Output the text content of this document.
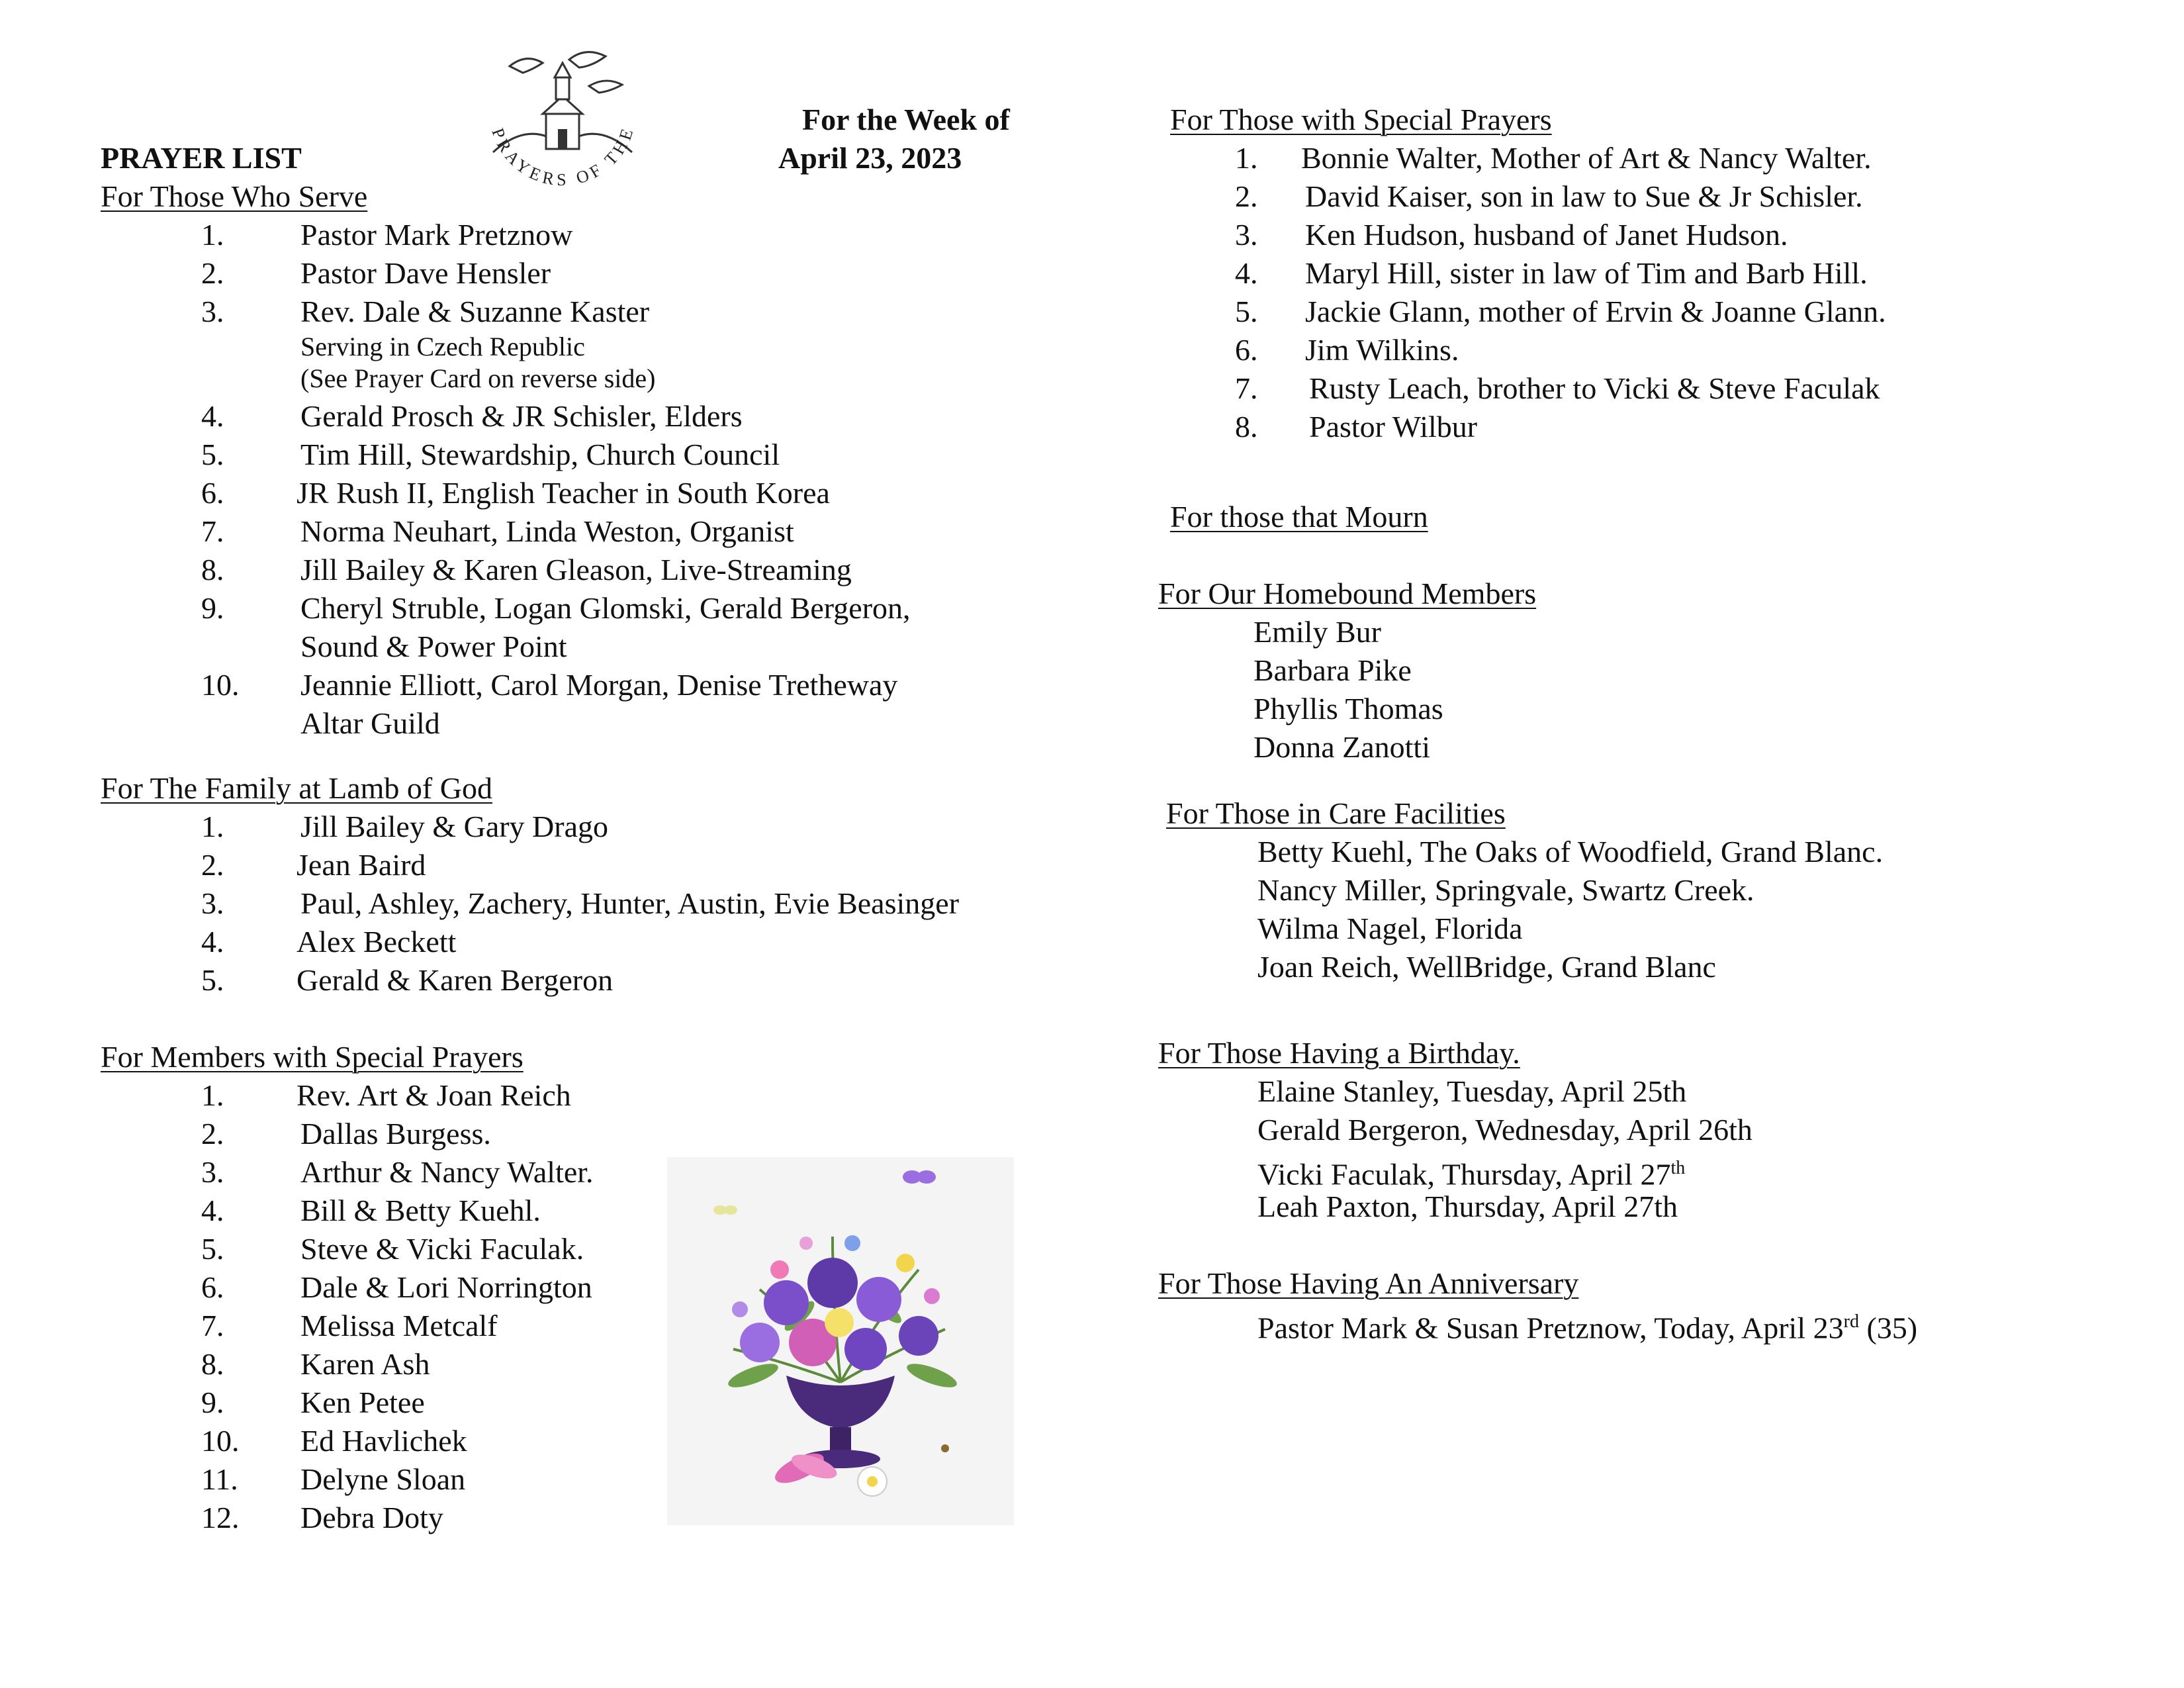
PRAYERS OF THE	For the Week of
PRAYER LIST	April 23, 2023
For Those Who Serve
1.	Pastor Mark Pretznow
2.	Pastor Dave Hensler
3.	Rev. Dale & Suzanne Kaster
Serving in Czech Republic
(See Prayer Card on reverse side)
4.	Gerald Prosch & JR Schisler, Elders
5.	Tim Hill, Stewardship, Church Council
6. JR Rush II, English Teacher in South Korea
7.	Norma Neuhart, Linda Weston, Organist
8.	Jill Bailey & Karen Gleason, Live-Streaming
9.	Cheryl Struble, Logan Glomski, Gerald Bergeron,
Sound & Power Point
10. Jeannie Elliott, Carol Morgan, Denise Tretheway
Altar Guild
For The Family at Lamb of God
1.	Jill Bailey & Gary Drago
2. Jean Baird
3.	Paul, Ashley, Zachery, Hunter, Austin, Evie Beasinger
4. Alex Beckett
5. Gerald & Karen Bergeron
For Members with Special Prayers
1. Rev. Art & Joan Reich
2.	Dallas Burgess.
3.	Arthur & Nancy Walter.
4.	Bill & Betty Kuehl.
5.	Steve & Vicki Faculak.
6.	Dale & Lori Norrington
7.	Melissa Metcalf
8.	Karen Ash
9.	Ken Petee
10. Ed Havlichek
11. Delyne Sloan
12. Debra Doty
For Those with Special Prayers
1. Bonnie Walter, Mother of Art & Nancy Walter.
2. David Kaiser, son in law to Sue & Jr Schisler.
3. Ken Hudson, husband of Janet Hudson.
4. Maryl Hill, sister in law of Tim and Barb Hill.
5. Jackie Glann, mother of Ervin & Joanne Glann.
6. Jim Wilkins.
7. Rusty Leach, brother to Vicki & Steve Faculak
8. Pastor Wilbur
For those that Mourn
For Our Homebound Members
Emily Bur
Barbara Pike
Phyllis Thomas
Donna Zanotti
For Those in Care Facilities
Betty Kuehl, The Oaks of Woodfield, Grand Blanc.
Nancy Miller, Springvale, Swartz Creek.
Wilma Nagel, Florida
Joan Reich, WellBridge, Grand Blanc
For Those Having a Birthday.
Elaine Stanley, Tuesday, April 25th
Gerald Bergeron, Wednesday, April 26th
Vicki Faculak, Thursday, April 27th
Leah Paxton, Thursday, April 27th
For Those Having An Anniversary
Pastor Mark & Susan Pretznow, Today, April 23rd (35)
